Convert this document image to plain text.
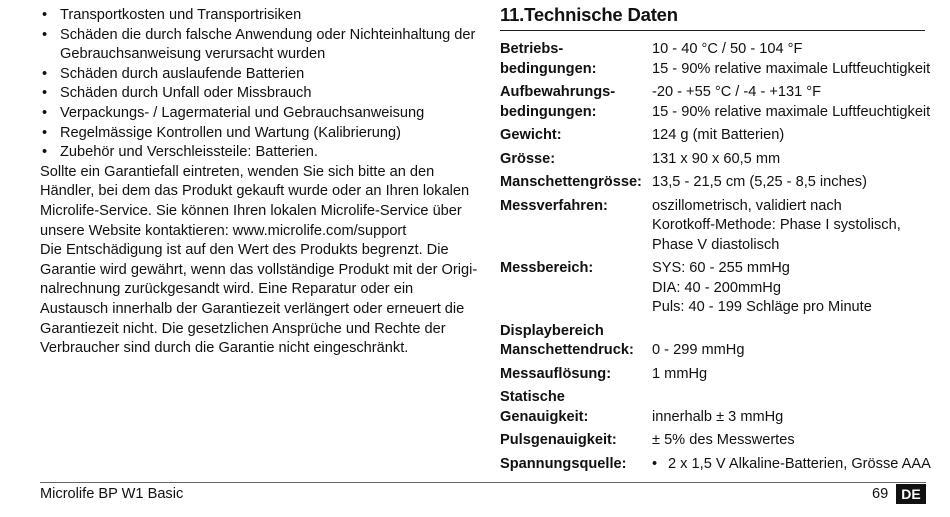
• Transportkosten und Transportrisiken
• Schäden die durch falsche Anwendung oder Nichteinhaltung der
Gebrauchsanweisung verursacht wurden
• Schäden durch auslaufende Batterien
• Schäden durch Unfall oder Missbrauch
• Verpackungs- / Lagermaterial und Gebrauchsanweisung
• Regelmässige Kontrollen und Wartung (Kalibrierung)
• Zubehör und Verschleissteile: Batterien.

Sollte ein Garantiefall eintreten, wenden Sie sich bitte an den
Händler, bei dem das Produkt gekauft wurde oder an Ihren lokalen
Microlife-Service. Sie können Ihren lokalen Microlife-Service über
unsere Website kontaktieren: www.microlife.com/support

Die Entschädigung ist auf den Wert des Produkts begrenzt. Die
Garantie wird gewährt, wenn das vollständige Produkt mit der Origi-
nalrechnung zurückgesandt wird. Eine Reparatur oder ein
Austausch innerhalb der Garantiezeit verlängert oder erneuert die
Garantiezeit nicht. Die gesetzlichen Ansprüche und Rechte der
Verbraucher sind durch die Garantie nicht eingeschränkt.

11.Technische Daten
Betriebs-
bedingungen:
10 - 40 °C / 50 - 104 °F
15 - 90% relative maximale Luftfeuchtigkeit
Aufbewahrungs-
bedingungen:
-20 - +55 °C / -4 - +131 °F
15 - 90% relative maximale Luftfeuchtigkeit
Gewicht:	124 g (mit Batterien)
Grösse:	131 x 90 x 60,5 mm
Manschettengrösse: 13,5 - 21,5 cm (5,25 - 8,5 inches)
Messverfahren:	oszillometrisch, validiert nach
Korotkoff-Methode: Phase I systolisch,
Phase V diastolisch
Messbereich:	SYS: 60 - 255 mmHg
DIA: 40 - 200mmHg
Puls: 40 - 199 Schläge pro Minute
Displaybereich
Manschettendruck:
	0 - 299 mmHg
Messauflösung:	1 mmHg
Statische
Genauigkeit:
	innerhalb ± 3 mmHg
Pulsgenauigkeit:	± 5% des Messwertes
Spannungsquelle:
•	2 x 1,5 V Alkaline-Batterien, Grösse AAA
Microlife BP W1 Basic	69 DE
